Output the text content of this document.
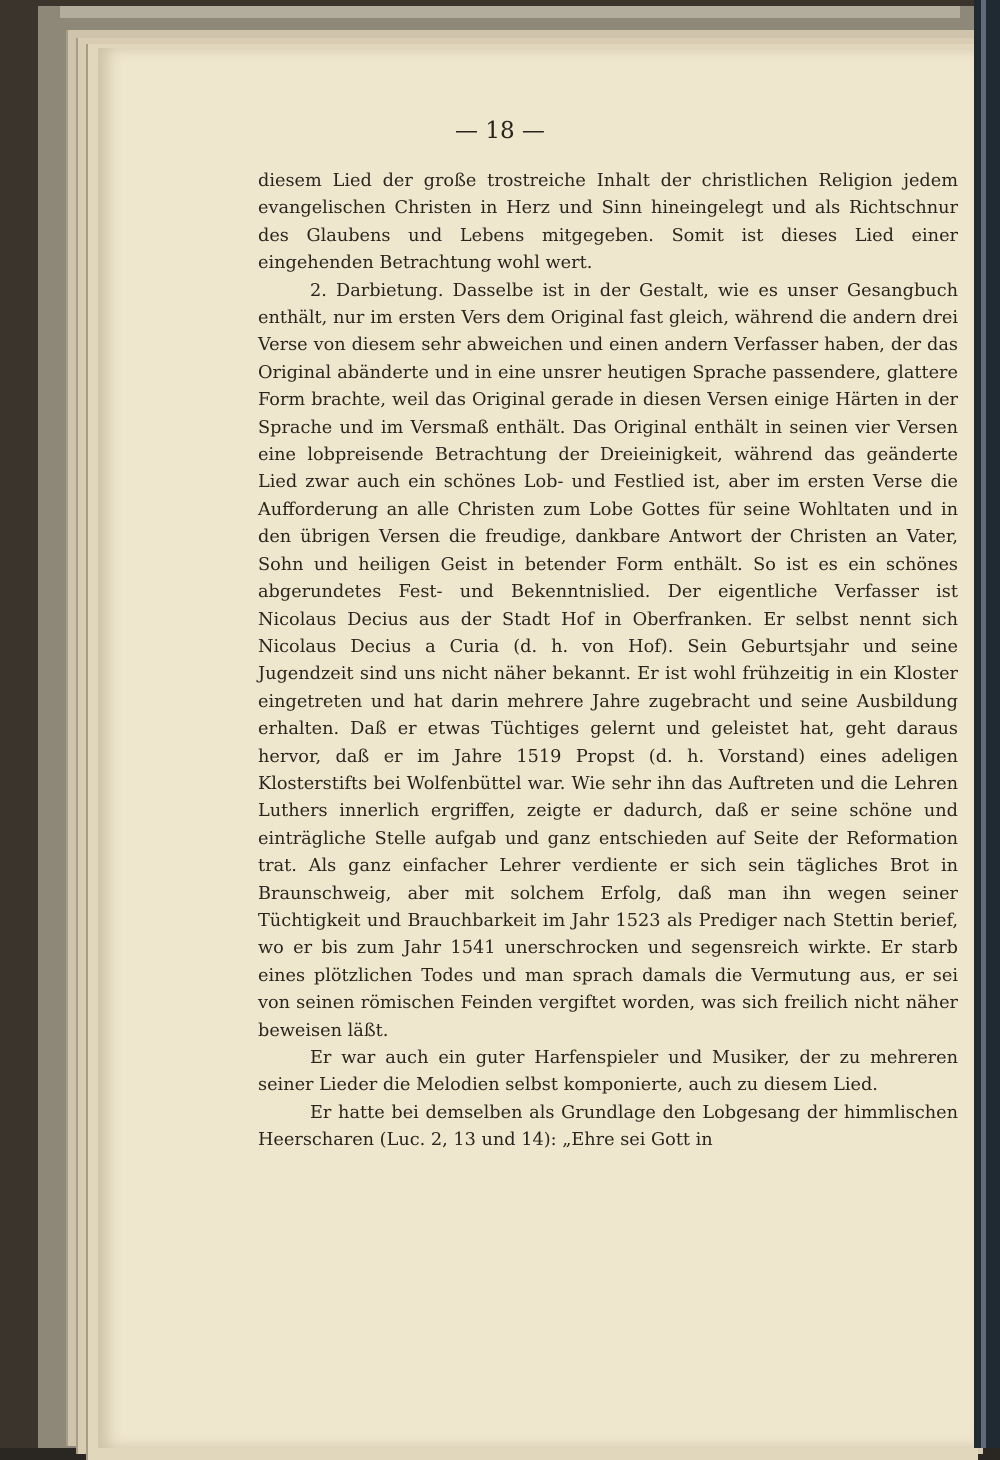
— 18 —

diesem Lied der große trostreiche Inhalt der christlichen Religion jedem evangelischen Christen in Herz und Sinn hineingelegt und als Richtschnur des Glaubens und Lebens mitgegeben. Somit ist dieses Lied einer eingehenden Betrachtung wohl wert.

2. Darbietung. Dasselbe ist in der Gestalt, wie es unser Gesangbuch enthält, nur im ersten Vers dem Original fast gleich, während die andern drei Verse von diesem sehr abweichen und einen andern Verfasser haben, der das Original abänderte und in eine unsrer heutigen Sprache passendere, glattere Form brachte, weil das Original gerade in diesen Versen einige Härten in der Sprache und im Versmaß enthält. Das Original enthält in seinen vier Versen eine lobpreisende Betrachtung der Dreieinigkeit, während das geänderte Lied zwar auch ein schönes Lob- und Festlied ist, aber im ersten Verse die Aufforderung an alle Christen zum Lobe Gottes für seine Wohltaten und in den übrigen Versen die freudige, dankbare Antwort der Christen an Vater, Sohn und heiligen Geist in betender Form enthält. So ist es ein schönes abgerundetes Fest- und Bekenntnislied. Der eigentliche Verfasser ist Nicolaus Decius aus der Stadt Hof in Oberfranken. Er selbst nennt sich Nicolaus Decius a Curia (d. h. von Hof). Sein Geburtsjahr und seine Jugendzeit sind uns nicht näher bekannt. Er ist wohl frühzeitig in ein Kloster eingetreten und hat darin mehrere Jahre zugebracht und seine Ausbildung erhalten. Daß er etwas Tüchtiges gelernt und geleistet hat, geht daraus hervor, daß er im Jahre 1519 Propst (d. h. Vorstand) eines adeligen Klosterstifts bei Wolfenbüttel war. Wie sehr ihn das Auftreten und die Lehren Luthers innerlich ergriffen, zeigte er dadurch, daß er seine schöne und einträgliche Stelle aufgab und ganz entschieden auf Seite der Reformation trat. Als ganz einfacher Lehrer verdiente er sich sein tägliches Brot in Braunschweig, aber mit solchem Erfolg, daß man ihn wegen seiner Tüchtigkeit und Brauchbarkeit im Jahr 1523 als Prediger nach Stettin berief, wo er bis zum Jahr 1541 unerschrocken und segensreich wirkte. Er starb eines plötzlichen Todes und man sprach damals die Vermutung aus, er sei von seinen römischen Feinden vergiftet worden, was sich freilich nicht näher beweisen läßt.

Er war auch ein guter Harfenspieler und Musiker, der zu mehreren seiner Lieder die Melodien selbst komponierte, auch zu diesem Lied.

Er hatte bei demselben als Grundlage den Lobgesang der himmlischen Heerscharen (Luc. 2, 13 und 14): „Ehre sei Gott in
